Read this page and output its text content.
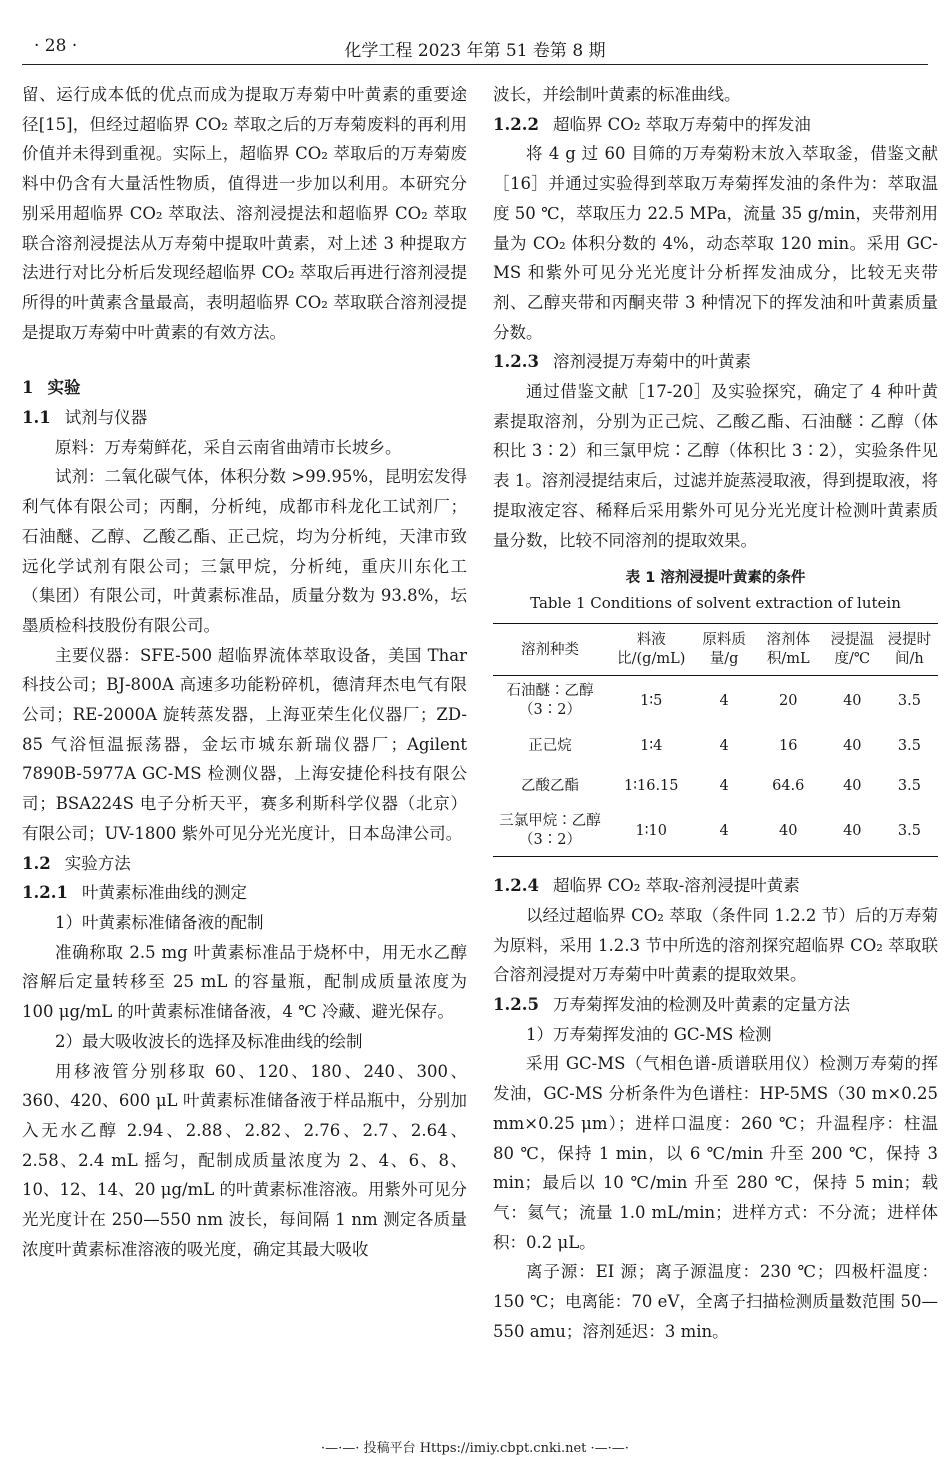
· 28 ·	化学工程 2023 年第 51 卷第 8 期

留、运行成本低的优点而成为提取万寿菊中叶黄素的重要途径[15]，但经过超临界 CO₂ 萃取之后的万寿菊废料的再利用价值并未得到重视。实际上，超临界 CO₂ 萃取后的万寿菊废料中仍含有大量活性物质，值得进一步加以利用。本研究分别采用超临界 CO₂ 萃取法、溶剂浸提法和超临界 CO₂ 萃取联合溶剂浸提法从万寿菊中提取叶黄素，对上述 3 种提取方法进行对比分析后发现经超临界 CO₂ 萃取后再进行溶剂浸提所得的叶黄素含量最高，表明超临界 CO₂ 萃取联合溶剂浸提是提取万寿菊中叶黄素的有效方法。

1 实验

1.1 试剂与仪器

原料：万寿菊鲜花，采自云南省曲靖市长坡乡。

试剂：二氧化碳气体，体积分数 >99.95%，昆明宏发得利气体有限公司；丙酮，分析纯，成都市科龙化工试剂厂；石油醚、乙醇、乙酸乙酯、正己烷，均为分析纯，天津市致远化学试剂有限公司；三氯甲烷，分析纯，重庆川东化工（集团）有限公司，叶黄素标准品，质量分数为 93.8%，坛墨质检科技股份有限公司。

主要仪器：SFE-500 超临界流体萃取设备，美国 Thar 科技公司；BJ-800A 高速多功能粉碎机，德清拜杰电气有限公司；RE-2000A 旋转蒸发器，上海亚荣生化仪器厂；ZD-85 气浴恒温振荡器，金坛市城东新瑞仪器厂；Agilent 7890B-5977A GC-MS 检测仪器，上海安捷伦科技有限公司；BSA224S 电子分析天平，赛多利斯科学仪器（北京）有限公司；UV-1800 紫外可见分光光度计，日本岛津公司。

1.2 实验方法

1.2.1 叶黄素标准曲线的测定

1）叶黄素标准储备液的配制

准确称取 2.5 mg 叶黄素标准品于烧杯中，用无水乙醇溶解后定量转移至 25 mL 的容量瓶，配制成质量浓度为 100 μg/mL 的叶黄素标准储备液，4 ℃ 冷藏、避光保存。

2）最大吸收波长的选择及标准曲线的绘制

用移液管分别移取 60、120、180、240、300、360、420、600 μL 叶黄素标准储备液于样品瓶中，分别加入无水乙醇 2.94、2.88、2.82、2.76、2.7、2.64、2.58、2.4 mL 摇匀，配制成质量浓度为 2、4、6、8、10、12、14、20 μg/mL 的叶黄素标准溶液。用紫外可见分光光度计在 250—550 nm 波长，每间隔 1 nm 测定各质量浓度叶黄素标准溶液的吸光度，确定其最大吸收

波长，并绘制叶黄素的标准曲线。

1.2.2 超临界 CO₂ 萃取万寿菊中的挥发油

将 4 g 过 60 目筛的万寿菊粉末放入萃取釜，借鉴文献［16］并通过实验得到萃取万寿菊挥发油的条件为：萃取温度 50 ℃，萃取压力 22.5 MPa，流量 35 g/min，夹带剂用量为 CO₂ 体积分数的 4%，动态萃取 120 min。采用 GC-MS 和紫外可见分光光度计分析挥发油成分，比较无夹带剂、乙醇夹带和丙酮夹带 3 种情况下的挥发油和叶黄素质量分数。

1.2.3 溶剂浸提万寿菊中的叶黄素

通过借鉴文献［17-20］及实验探究，确定了 4 种叶黄素提取溶剂，分别为正己烷、乙酸乙酯、石油醚∶乙醇（体积比 3∶2）和三氯甲烷∶乙醇（体积比 3∶2），实验条件见表 1。溶剂浸提结束后，过滤并旋蒸浸取液，得到提取液，将提取液定容、稀释后采用紫外可见分光光度计检测叶黄素质量分数，比较不同溶剂的提取效果。

表 1 溶剂浸提叶黄素的条件

Table 1 Conditions of solvent extraction of lutein

溶剂种类	料液比/(g/mL)	原料质量/g	溶剂体积/mL	浸提温度/℃	浸提时间/h
石油醚∶乙醇（3∶2）	1∶5	4	20	40	3.5
正己烷	1∶4	4	16	40	3.5
乙酸乙酯	1∶16.15	4	64.6	40	3.5
三氯甲烷∶乙醇（3∶2）	1∶10	4	40	40	3.5

1.2.4 超临界 CO₂ 萃取-溶剂浸提叶黄素

以经过超临界 CO₂ 萃取（条件同 1.2.2 节）后的万寿菊为原料，采用 1.2.3 节中所选的溶剂探究超临界 CO₂ 萃取联合溶剂浸提对万寿菊中叶黄素的提取效果。

1.2.5 万寿菊挥发油的检测及叶黄素的定量方法

1）万寿菊挥发油的 GC-MS 检测

采用 GC-MS（气相色谱-质谱联用仪）检测万寿菊的挥发油，GC-MS 分析条件为色谱柱：HP-5MS（30 m×0.25 mm×0.25 μm）；进样口温度：260 ℃；升温程序：柱温 80 ℃，保持 1 min，以 6 ℃/min 升至 200 ℃，保持 3 min；最后以 10 ℃/min 升至 280 ℃，保持 5 min；载气：氦气；流量 1.0 mL/min；进样方式：不分流；进样体积：0.2 μL。

离子源：EI 源；离子源温度：230 ℃；四极杆温度：150 ℃；电离能：70 eV，全离子扫描检测质量数范围 50—550 amu；溶剂延迟：3 min。

·—·—· 投稿平台 Https://imiy.cbpt.cnki.net ·—·—·
